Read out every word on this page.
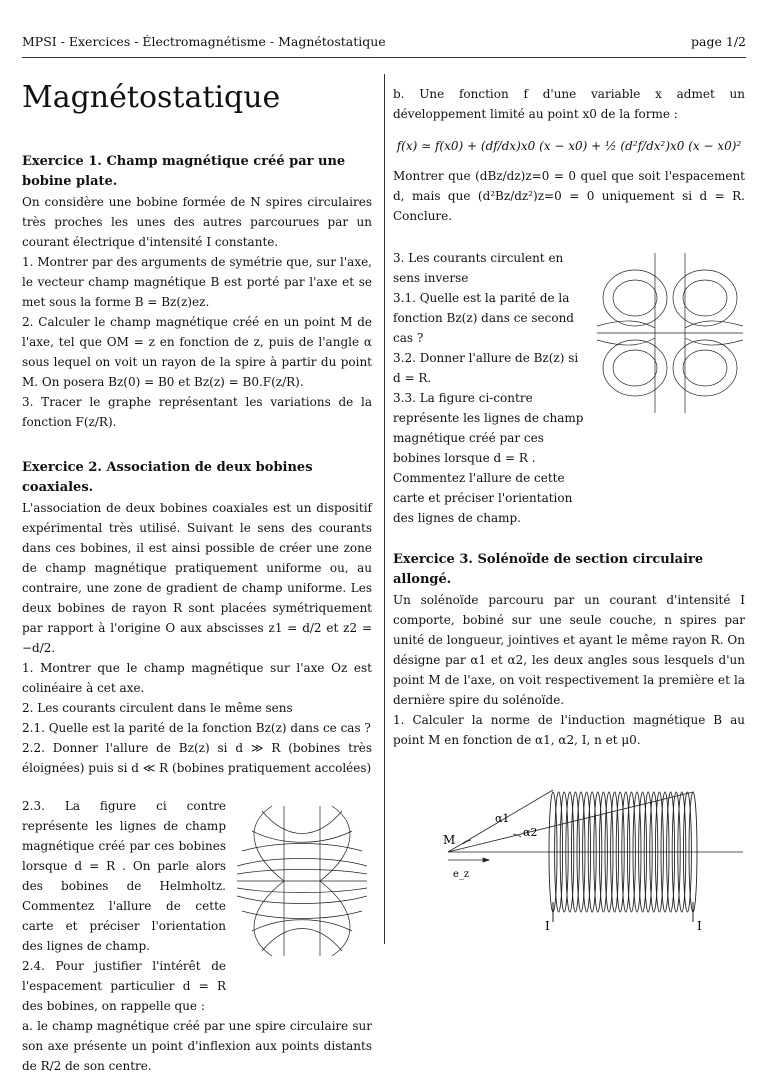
MPSI - Exercices - Électromagnétisme - Magnétostatique	page 1/2
Magnétostatique
Exercice 1. Champ magnétique créé par une bobine plate.

On considère une bobine formée de N spires circulaires très proches les unes des autres parcourues par un courant électrique d'intensité I constante.

1. Montrer par des arguments de symétrie que, sur l'axe, le vecteur champ magnétique B est porté par l'axe et se met sous la forme B = Bz(z)ez.

2. Calculer le champ magnétique créé en un point M de l'axe, tel que OM = z en fonction de z, puis de l'angle α sous lequel on voit un rayon de la spire à partir du point M. On posera Bz(0) = B0 et Bz(z) = B0.F(z/R).

3. Tracer le graphe représentant les variations de la fonction F(z/R).

Exercice 2. Association de deux bobines coaxiales.

L'association de deux bobines coaxiales est un dispositif expérimental très utilisé. Suivant le sens des courants dans ces bobines, il est ainsi possible de créer une zone de champ magnétique pratiquement uniforme ou, au contraire, une zone de gradient de champ uniforme. Les deux bobines de rayon R sont placées symétriquement par rapport à l'origine O aux abscisses z1 = d/2 et z2 = −d/2.

1. Montrer que le champ magnétique sur l'axe Oz est colinéaire à cet axe.

2. Les courants circulent dans le même sens

2.1. Quelle est la parité de la fonction Bz(z) dans ce cas ?

2.2. Donner l'allure de Bz(z) si d ≫ R (bobines très éloignées) puis si d ≪ R (bobines pratiquement accolées)

2.3. La figure ci contre représente les lignes de champ magnétique créé par ces bobines lorsque d = R . On parle alors des bobines de Helmholtz. Commentez l'allure de cette carte et préciser l'orientation des lignes de champ.

2.4. Pour justifier l'intérêt de l'espacement particulier d = R des bobines, on rappelle que :

a. le champ magnétique créé par une spire circulaire sur son axe présente un point d'inflexion aux points distants de R/2 de son centre.

b. Une fonction f d'une variable x admet un développement limité au point x0 de la forme :

f(x) ≃ f(x0) + (df/dx)x0 (x − x0) + ½ (d²f/dx²)x0 (x − x0)²

Montrer que (dBz/dz)z=0 = 0 quel que soit l'espacement d, mais que (d²Bz/dz²)z=0 = 0 uniquement si d = R. Conclure.

3. Les courants circulent en sens inverse

3.1. Quelle est la parité de la fonction Bz(z) dans ce second cas ?

3.2. Donner l'allure de Bz(z) si d = R.

3.3. La figure ci-contre représente les lignes de champ magnétique créé par ces bobines lorsque d = R . Commentez l'allure de cette carte et préciser l'orientation des lignes de champ.

Exercice 3. Solénoïde de section circulaire allongé.

Un solénoïde parcouru par un courant d'intensité I comporte, bobiné sur une seule couche, n spires par unité de longueur, jointives et ayant le même rayon R. On désigne par α1 et α2, les deux angles sous lesquels d'un point M de l'axe, on voit respectivement la première et la dernière spire du solénoïde.

1. Calculer la norme de l'induction magnétique B au point M en fonction de α1, α2, I, n et μ0.

M
e_z
α1
α2
I	I
